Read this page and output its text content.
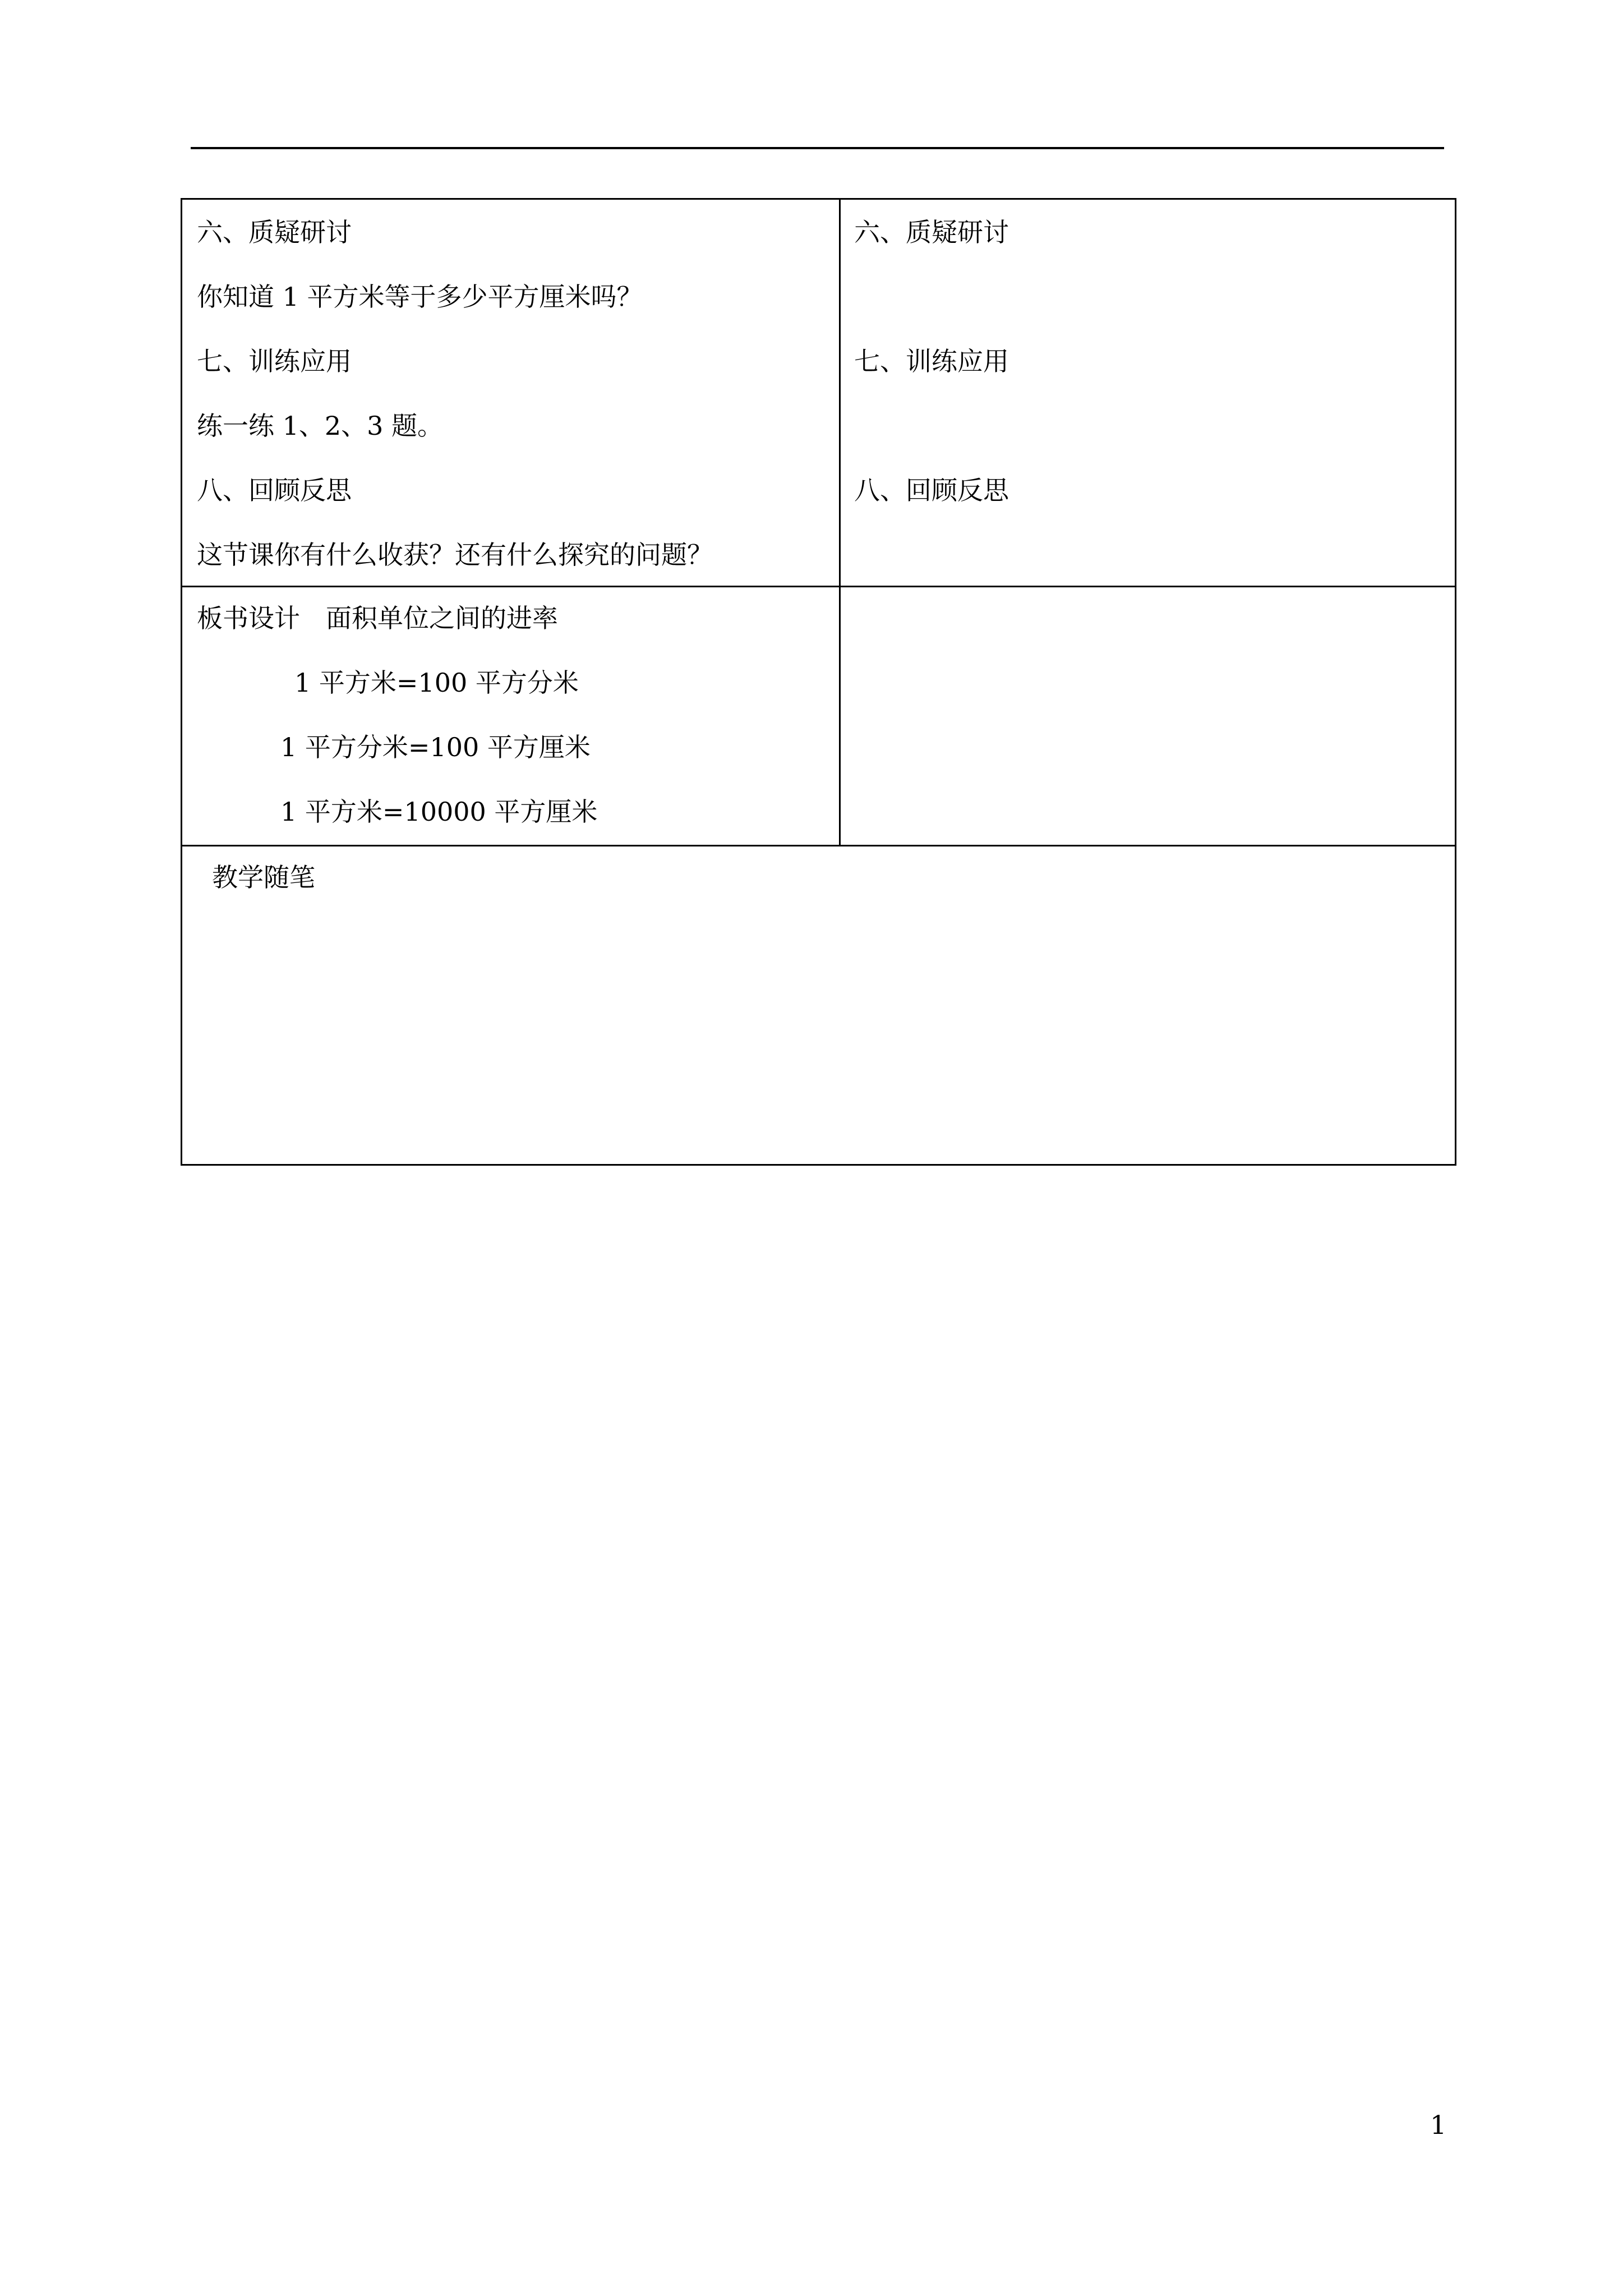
六、质疑研讨
你知道 1 平方米等于多少平方厘米吗？
七、训练应用
练一练 1、2、3 题。
八、回顾反思
这节课你有什么收获？还有什么探究的问题？
六、质疑研讨
七、训练应用
八、回顾反思
板书设计　面积单位之间的进率
1 平方米=100 平方分米
1 平方分米=100 平方厘米
1 平方米=10000 平方厘米
教学随笔
1
